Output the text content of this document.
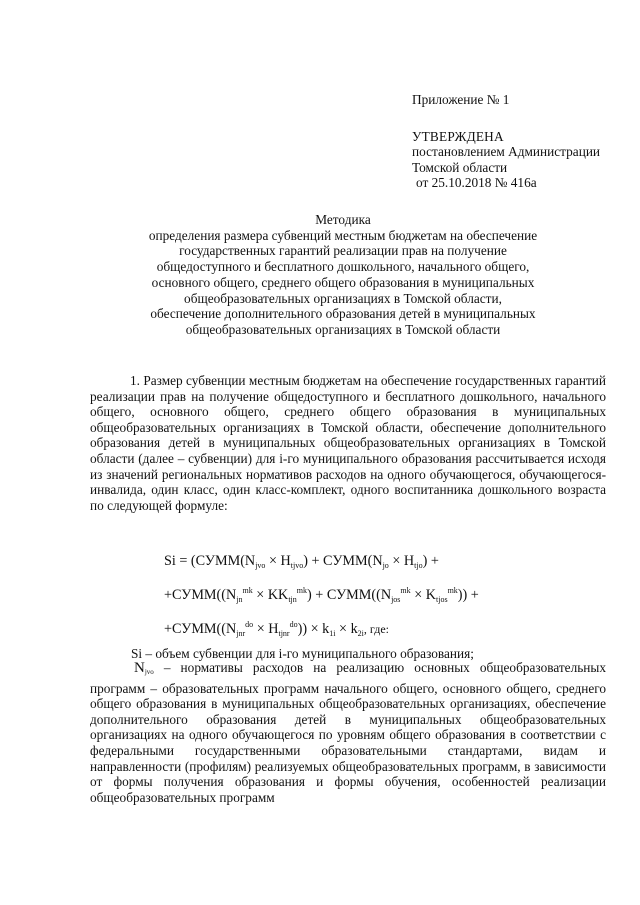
Приложение № 1
УТВЕРЖДЕНА
постановлением Администрации
Томской области
от 25.10.2018 № 416а
Методика
определения размера субвенций местным бюджетам на обеспечение
государственных гарантий реализации прав на получение
общедоступного и бесплатного дошкольного, начального общего,
основного общего, среднего общего образования в муниципальных
общеобразовательных организациях в Томской области,
обеспечение дополнительного образования детей в муниципальных
общеобразовательных организациях в Томской области
1. Размер субвенции местным бюджетам на обеспечение государственных гарантий реализации прав на получение общедоступного и бесплатного дошкольного, начального общего, основного общего, среднего общего образования в муниципальных общеобразовательных организациях в Томской области, обеспечение дополнительного образования детей в муниципальных общеобразовательных организациях в Томской области (далее – субвенции) для i-го муниципального образования рассчитывается исходя из значений региональных нормативов расходов на одного обучающегося, обучающегося-инвалида, один класс, один класс-комплект, одного воспитанника дошкольного возраста по следующей формуле:
$Si = (СУММ(N_{jvo} \times H_{tjvo})$ + $СУММ(N_{jo} \times H_{tjo})$ +
$+СУММ((N_{jn}^{mk} \times KK_{tjn}^{mk})$ + $СУММ((N_{jos}^{mk} \times K_{tjos}^{mk}))$ +
$+СУММ((N_{jnr}^{do} \times H_{tjnr}^{do})) \times k_{1i} \times k_{2i}$, где:
Si – объем субвенции для i-го муниципального образования;
$N_{jvo}$ – нормативы расходов на реализацию основных общеобразовательных программ – образовательных программ начального общего, основного общего, среднего общего образования в муниципальных общеобразовательных организациях, обеспечение дополнительного образования детей в муниципальных общеобразовательных организациях на одного обучающегося по уровням общего образования в соответствии с федеральными государственными образовательными стандартами, видам и направленности (профилям) реализуемых общеобразовательных программ, в зависимости от формы получения образования и формы обучения, особенностей реализации общеобразовательных программ
